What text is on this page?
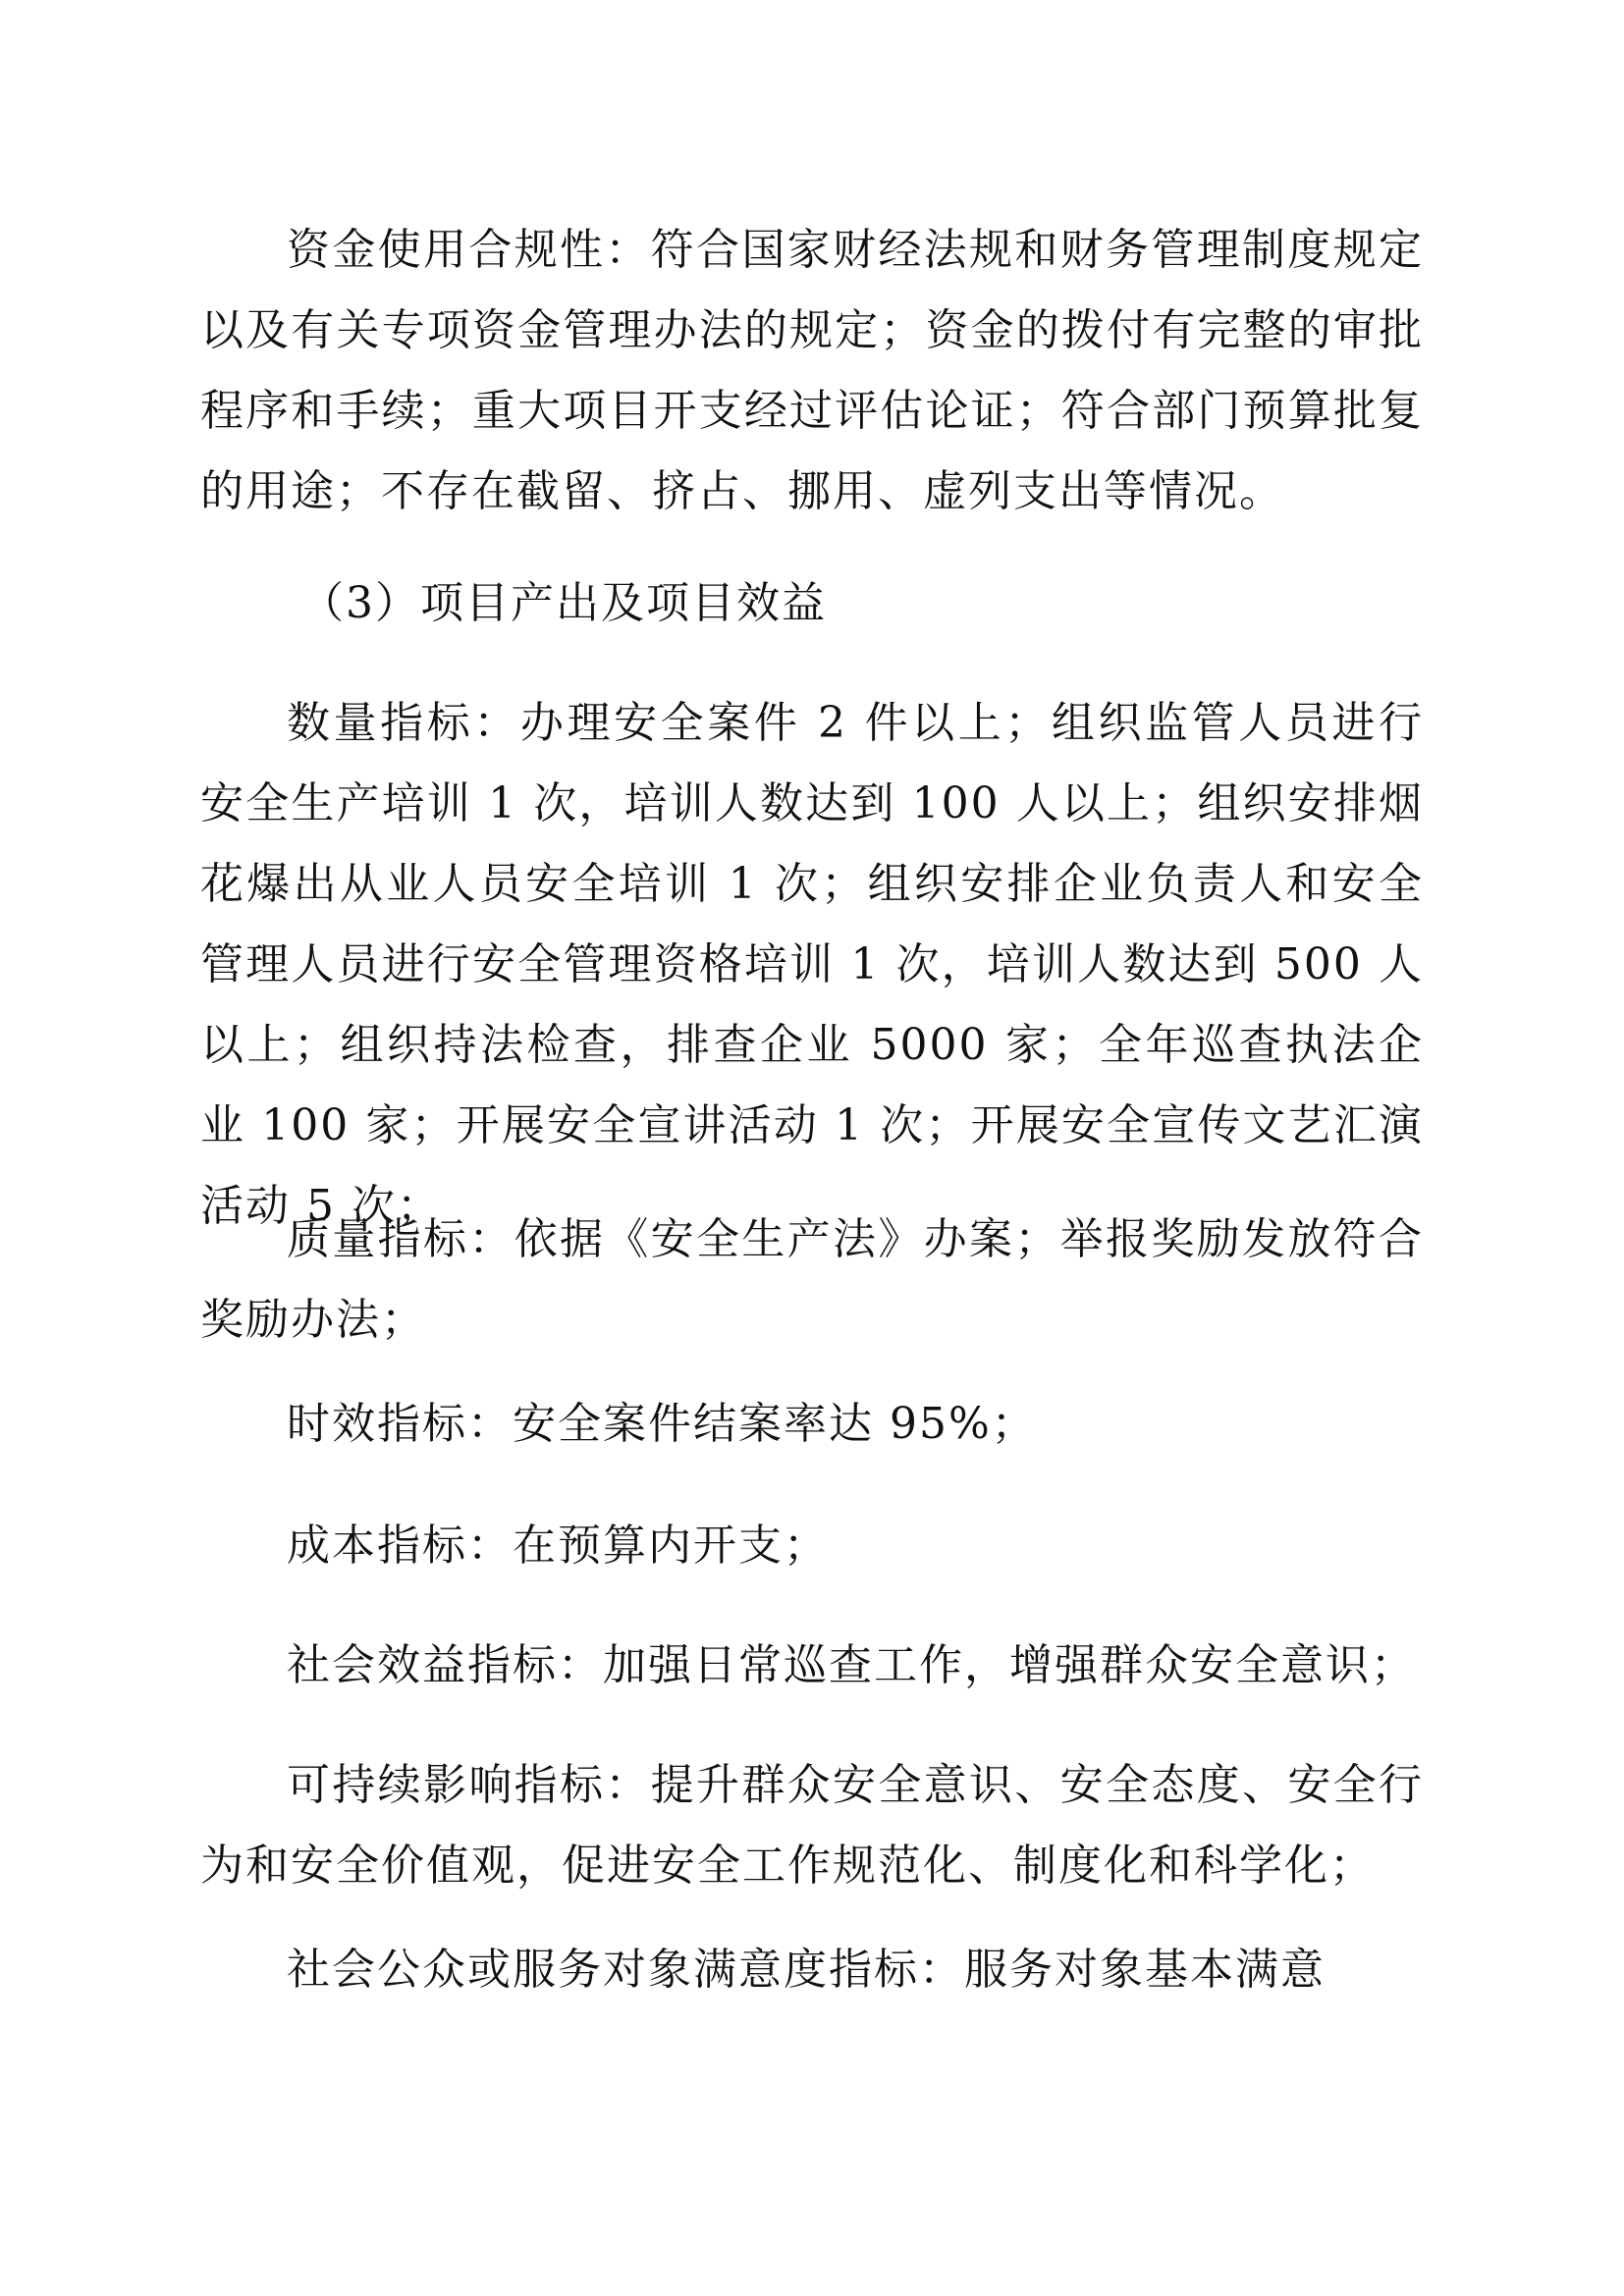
资金使用合规性：符合国家财经法规和财务管理制度规定以及有关专项资金管理办法的规定；资金的拨付有完整的审批程序和手续；重大项目开支经过评估论证；符合部门预算批复的用途；不存在截留、挤占、挪用、虚列支出等情况。

（3）项目产出及项目效益

数量指标：办理安全案件 2 件以上；组织监管人员进行安全生产培训 1 次，培训人数达到 100 人以上；组织安排烟花爆出从业人员安全培训 1 次；组织安排企业负责人和安全管理人员进行安全管理资格培训 1 次，培训人数达到 500 人以上；组织持法检查，排查企业 5000 家；全年巡查执法企业 100 家；开展安全宣讲活动 1 次；开展安全宣传文艺汇演活动 5 次；

质量指标：依据《安全生产法》办案；举报奖励发放符合奖励办法；

时效指标：安全案件结案率达 95%；

成本指标：在预算内开支；

社会效益指标：加强日常巡查工作，增强群众安全意识；

可持续影响指标：提升群众安全意识、安全态度、安全行为和安全价值观，促进安全工作规范化、制度化和科学化；

社会公众或服务对象满意度指标：服务对象基本满意
